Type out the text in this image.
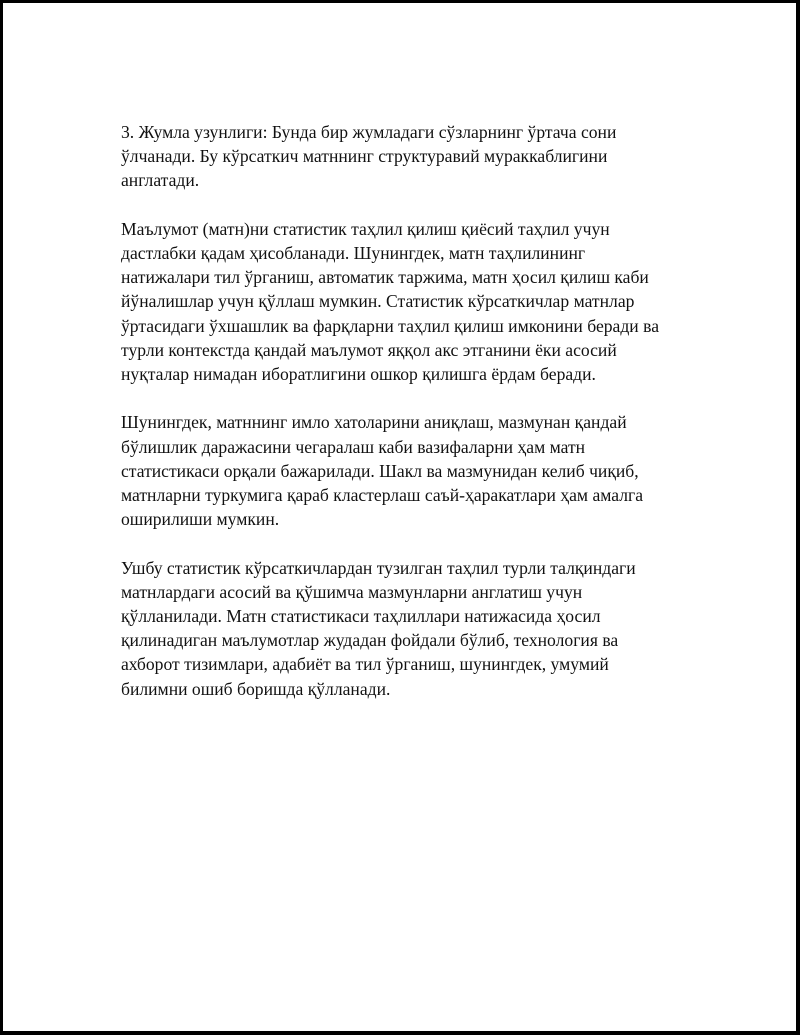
3. Жумла узунлиги: Бунда бир жумладаги сўзларнинг ўртача сони
ўлчанади. Бу кўрсаткич матннинг структуравий мураккаблигини
англатади.

Маълумот (матн)ни статистик таҳлил қилиш қиёсий таҳлил учун
дастлабки қадам ҳисобланади. Шунингдек, матн таҳлилининг
натижалари тил ўрганиш, автоматик таржима, матн ҳосил қилиш каби
йўналишлар учун қўллаш мумкин. Статистик кўрсаткичлар матнлар
ўртасидаги ўхшашлик ва фарқларни таҳлил қилиш имконини беради ва
турли контекстда қандай маълумот яққол акс этганини ёки асосий
нуқталар нимадан иборатлигини ошкор қилишга ёрдам беради.

Шунингдек, матннинг имло хатоларини аниқлаш, мазмунан қандай
бўлишлик даражасини чегаралаш каби вазифаларни ҳам матн
статистикаси орқали бажарилади. Шакл ва мазмунидан келиб чиқиб,
матнларни туркумига қараб кластерлаш саъй-ҳаракатлари ҳам амалга
оширилиши мумкин.

Ушбу статистик кўрсаткичлардан тузилган таҳлил турли талқиндаги
матнлардаги асосий ва қўшимча мазмунларни англатиш учун
қўлланилади. Матн статистикаси таҳлиллари натижасида ҳосил
қилинадиган маълумотлар жудадан фойдали бўлиб, технология ва
ахборот тизимлари, адабиёт ва тил ўрганиш, шунингдек, умумий
билимни ошиб боришда қўлланади.
